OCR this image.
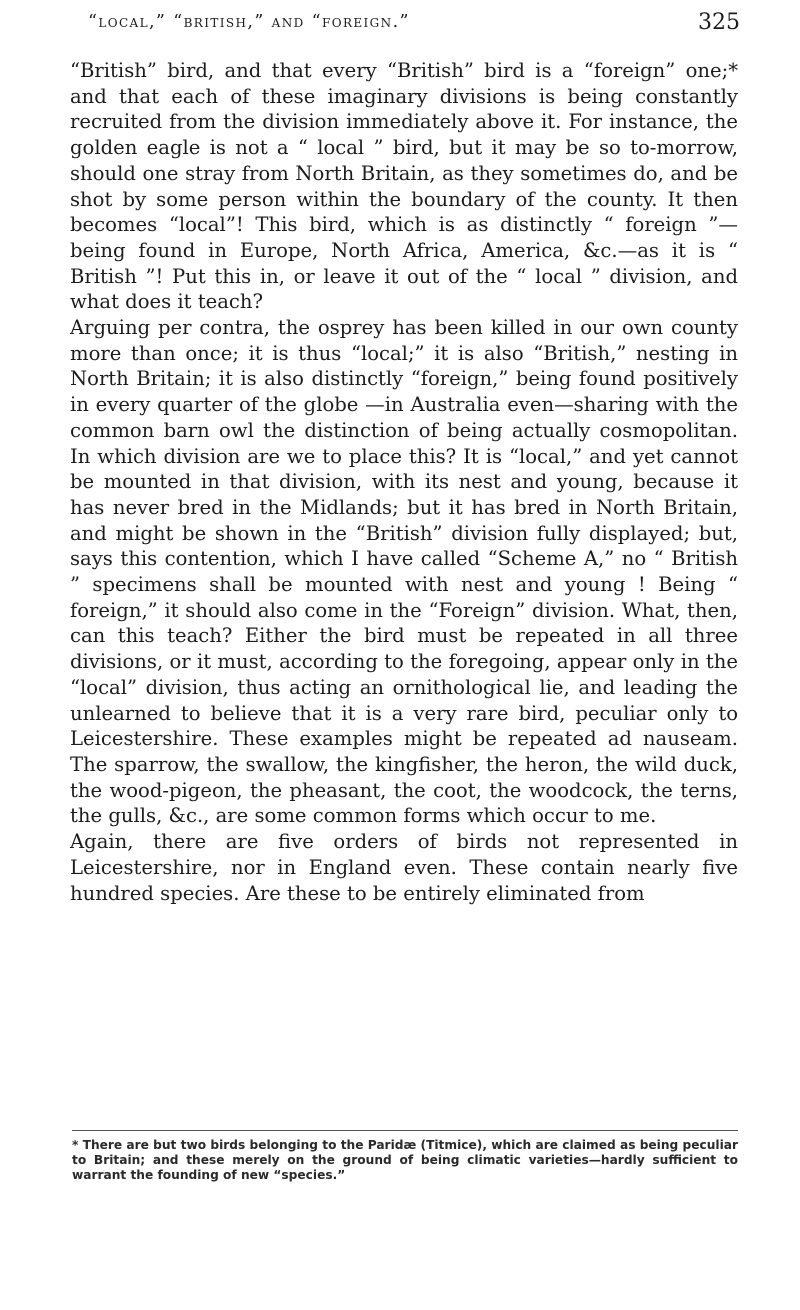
“local,” “british,” and “foreign.”	325

“British” bird, and that every “British” bird is a “foreign” one;* and that each of these imaginary divisions is being constantly recruited from the division immediately above it. For instance, the golden eagle is not a “ local ” bird, but it may be so to-morrow, should one stray from North Britain, as they sometimes do, and be shot by some person within the boundary of the county. It then becomes “local”! This bird, which is as distinctly “ foreign ”—being found in Europe, North Africa, America, &c.—as it is “ British ”! Put this in, or leave it out of the “ local ” division, and what does it teach?

Arguing per contra, the osprey has been killed in our own county more than once; it is thus “local;” it is also “British,” nesting in North Britain; it is also distinctly “foreign,” being found positively in every quarter of the globe —in Australia even—sharing with the common barn owl the distinction of being actually cosmopolitan. In which division are we to place this? It is “local,” and yet cannot be mounted in that division, with its nest and young, because it has never bred in the Midlands; but it has bred in North Britain, and might be shown in the “British” division fully displayed; but, says this contention, which I have called “Scheme A,” no “ British ” specimens shall be mounted with nest and young ! Being “ foreign,” it should also come in the “Foreign” division. What, then, can this teach? Either the bird must be repeated in all three divisions, or it must, according to the foregoing, appear only in the “local” division, thus acting an ornithological lie, and leading the unlearned to believe that it is a very rare bird, peculiar only to Leicestershire. These examples might be repeated ad nauseam. The sparrow, the swallow, the kingfisher, the heron, the wild duck, the wood-pigeon, the pheasant, the coot, the woodcock, the terns, the gulls, &c., are some common forms which occur to me.

Again, there are five orders of birds not represented in Leicestershire, nor in England even. These contain nearly five hundred species. Are these to be entirely eliminated from

* There are but two birds belonging to the Paridæ (Titmice), which are claimed as being peculiar to Britain; and these merely on the ground of being climatic varieties—hardly sufficient to warrant the founding of new “species.”
